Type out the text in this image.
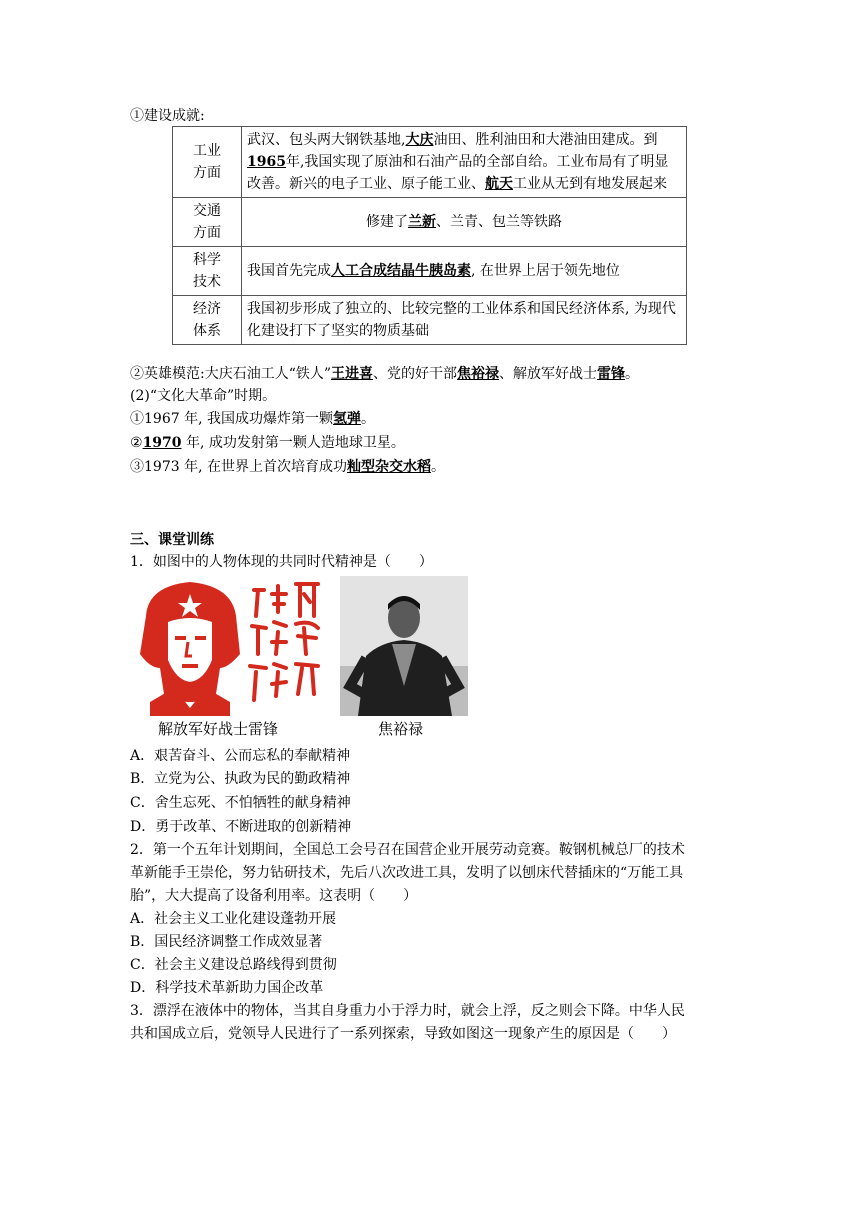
①建设成就:
工业
方面	武汉、包头两大钢铁基地,大庆油田、胜利油田和大港油田建成。到
1965年,我国实现了原油和石油产品的全部自给。工业布局有了明显改善。新兴的电子工业、原子能工业、航天工业从无到有地发展起来
交通
方面	修建了兰新、兰青、包兰等铁路
科学
技术	我国首先完成人工合成结晶牛胰岛素, 在世界上居于领先地位
经济
体系	我国初步形成了独立的、比较完整的工业体系和国民经济体系, 为现代化建设打下了坚实的物质基础
②英雄模范:大庆石油工人“铁人”王进喜、党的好干部焦裕禄、解放军好战士雷锋。
(2)“文化大革命”时期。
①1967 年, 我国成功爆炸第一颗氢弹。
②1970 年, 成功发射第一颗人造地球卫星。
③1973 年, 在世界上首次培育成功籼型杂交水稻。
三、课堂训练
1．如图中的人物体现的共同时代精神是（　　）
解放军好战士雷锋	焦裕禄
A．艰苦奋斗、公而忘私的奉献精神
B．立党为公、执政为民的勤政精神
C．舍生忘死、不怕牺牲的献身精神
D．勇于改革、不断进取的创新精神
2．第一个五年计划期间，全国总工会号召在国营企业开展劳动竞赛。鞍钢机械总厂的技术
革新能手王崇伦，努力钻研技术，先后八次改进工具，发明了以刨床代替插床的“万能工具
胎”，大大提高了设备利用率。这表明（　　）
A．社会主义工业化建设蓬勃开展
B．国民经济调整工作成效显著
C．社会主义建设总路线得到贯彻
D．科学技术革新助力国企改革
3．漂浮在液体中的物体，当其自身重力小于浮力时，就会上浮，反之则会下降。中华人民
共和国成立后，党领导人民进行了一系列探索，导致如图这一现象产生的原因是（　　）
